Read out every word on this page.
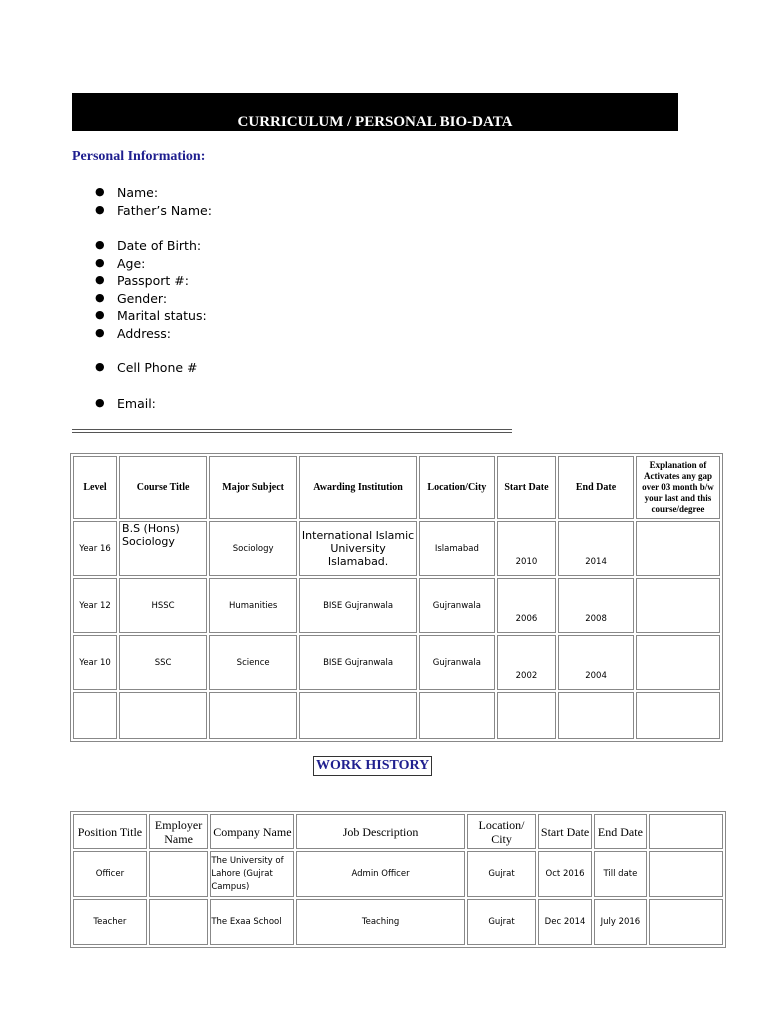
CURRICULUM / PERSONAL BIO-DATA
Personal Information:
● Name:
● Father’s Name:
● Date of Birth:
● Age:
● Passport #:
● Gender:
● Marital status:
● Address:
● Cell Phone #
● Email:
Level	Course Title	Major Subject	Awarding Institution	Location/City	Start Date	End Date	Explanation of Activates any gap over 03 month b/w your last and this course/degree
Year 16	B.S (Hons) Sociology	Sociology	International Islamic University Islamabad.	Islamabad	2010	2014	
Year 12	HSSC	Humanities	BISE Gujranwala	Gujranwala	2006	2008	
Year 10	SSC	Science	BISE Gujranwala	Gujranwala	2002	2004	

WORK HISTORY
Position Title	Employer Name	Company Name	Job Description	Location/ City	Start Date	End Date	
Officer		The University of Lahore (Gujrat Campus)	Admin Officer	Gujrat	Oct 2016	Till date	
Teacher		The Exaa School	Teaching	Gujrat	Dec 2014	July 2016	
